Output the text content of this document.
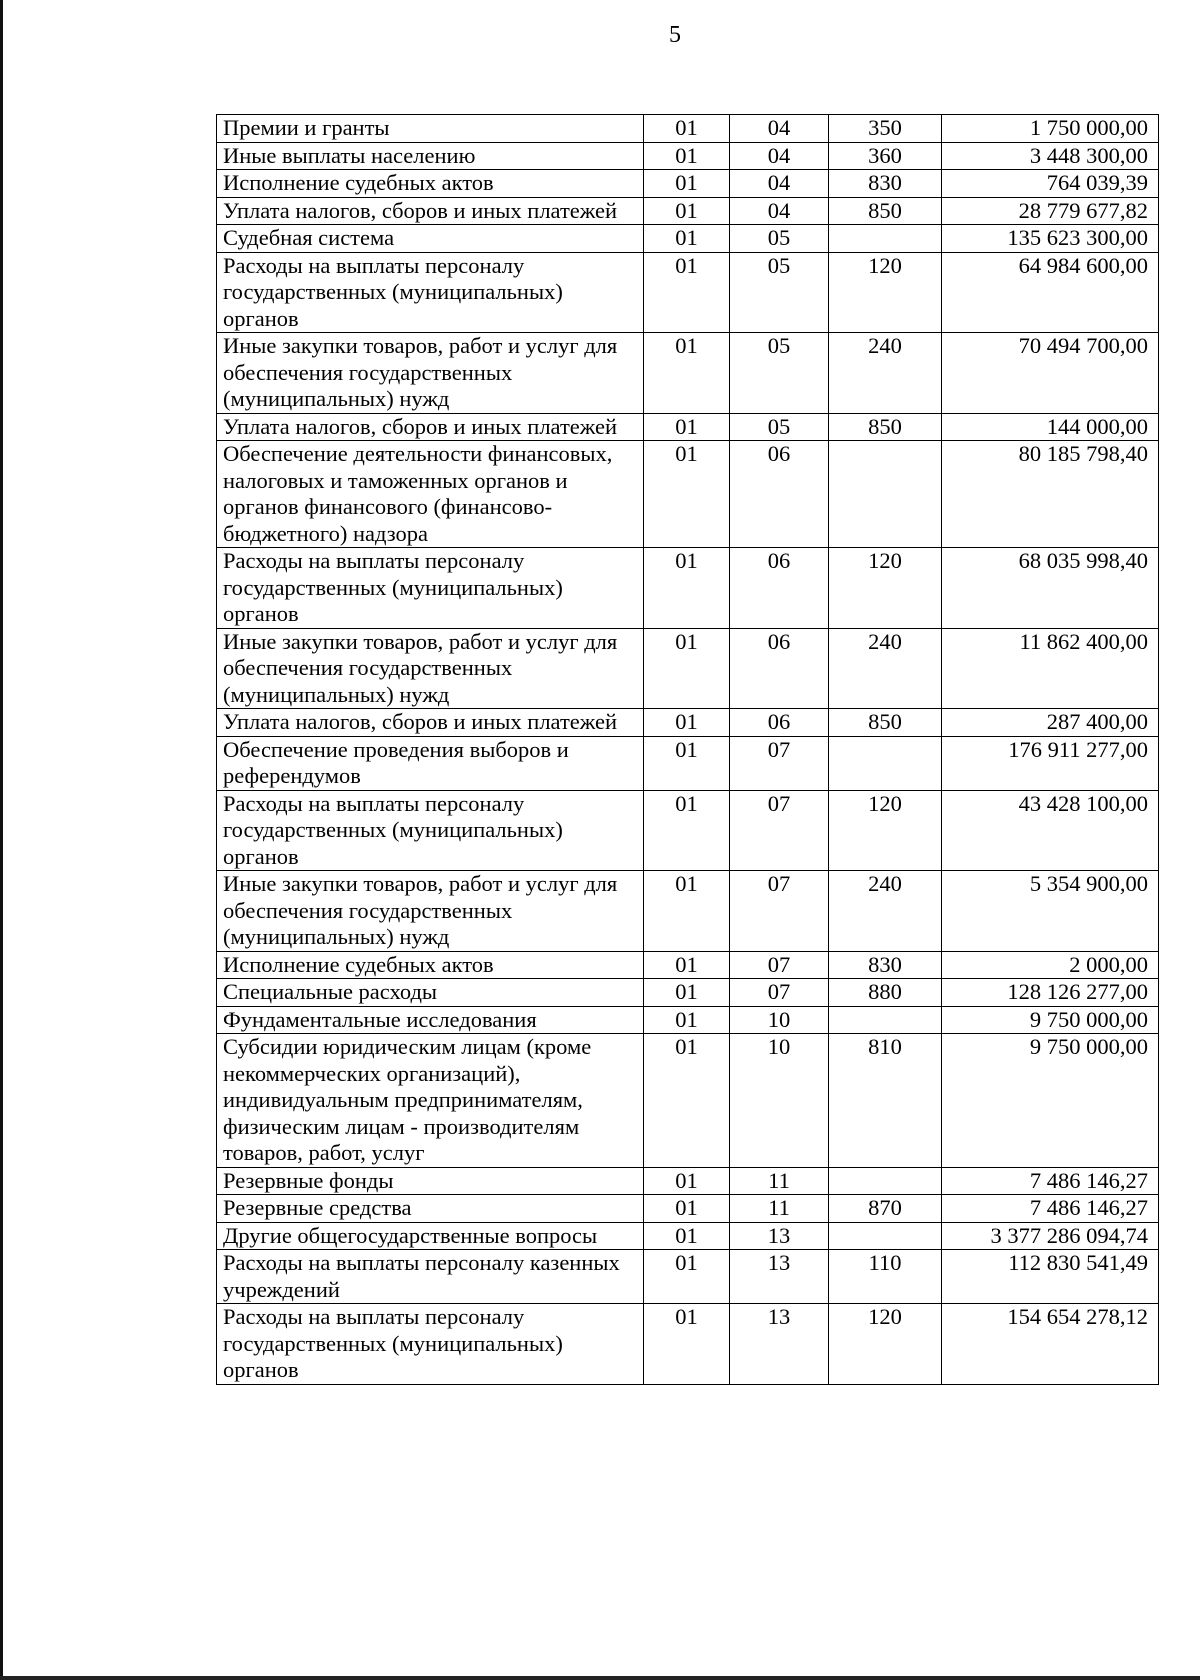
5
Премии и гранты	01	04	350	1 750 000,00
Иные выплаты населению	01	04	360	3 448 300,00
Исполнение судебных актов	01	04	830	764 039,39
Уплата налогов, сборов и иных платежей	01	04	850	28 779 677,82
Судебная система	01	05		135 623 300,00
Расходы на выплаты персоналу государственных (муниципальных) органов	01	05	120	64 984 600,00
Иные закупки товаров, работ и услуг для обеспечения государственных (муниципальных) нужд	01	05	240	70 494 700,00
Уплата налогов, сборов и иных платежей	01	05	850	144 000,00
Обеспечение деятельности финансовых, налоговых и таможенных органов и органов финансового (финансово-бюджетного) надзора	01	06		80 185 798,40
Расходы на выплаты персоналу государственных (муниципальных) органов	01	06	120	68 035 998,40
Иные закупки товаров, работ и услуг для обеспечения государственных (муниципальных) нужд	01	06	240	11 862 400,00
Уплата налогов, сборов и иных платежей	01	06	850	287 400,00
Обеспечение проведения выборов и референдумов	01	07		176 911 277,00
Расходы на выплаты персоналу государственных (муниципальных) органов	01	07	120	43 428 100,00
Иные закупки товаров, работ и услуг для обеспечения государственных (муниципальных) нужд	01	07	240	5 354 900,00
Исполнение судебных актов	01	07	830	2 000,00
Специальные расходы	01	07	880	128 126 277,00
Фундаментальные исследования	01	10		9 750 000,00
Субсидии юридическим лицам (кроме некоммерческих организаций), индивидуальным предпринимателям, физическим лицам - производителям товаров, работ, услуг	01	10	810	9 750 000,00
Резервные фонды	01	11		7 486 146,27
Резервные средства	01	11	870	7 486 146,27
Другие общегосударственные вопросы	01	13		3 377 286 094,74
Расходы на выплаты персоналу казенных учреждений	01	13	110	112 830 541,49
Расходы на выплаты персоналу государственных (муниципальных) органов	01	13	120	154 654 278,12
